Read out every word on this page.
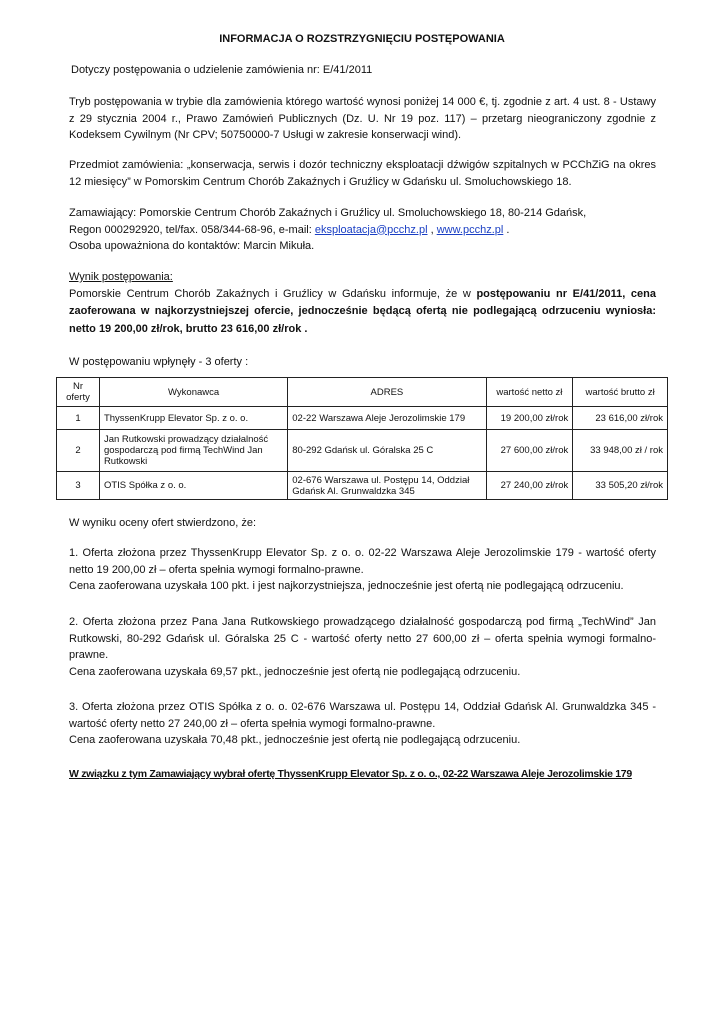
INFORMACJA O ROZSTRZYGNIĘCIU POSTĘPOWANIA
Dotyczy postępowania o udzielenie zamówienia nr: E/41/2011
Tryb postępowania w trybie dla zamówienia którego wartość wynosi poniżej 14 000 €, tj. zgodnie z art. 4 ust. 8 - Ustawy z 29 stycznia 2004 r., Prawo Zamówień Publicznych (Dz. U. Nr 19 poz. 117) – przetarg nieograniczony zgodnie z Kodeksem Cywilnym (Nr CPV; 50750000-7 Usługi w zakresie konserwacji wind).
Przedmiot zamówienia: „konserwacja, serwis i dozór techniczny eksploatacji dźwigów szpitalnych w PCChZiG na okres 12 miesięcy” w Pomorskim Centrum Chorób Zakaźnych i Gruźlicy w Gdańsku ul. Smoluchowskiego 18.
Zamawiający: Pomorskie Centrum Chorób Zakaźnych i Gruźlicy ul. Smoluchowskiego 18, 80-214 Gdańsk,
Regon 000292920, tel/fax. 058/344-68-96, e-mail: eksploatacja@pcchz.pl , www.pcchz.pl .
Osoba upoważniona do kontaktów: Marcin Mikuła.
Wynik postępowania:
Pomorskie Centrum Chorób Zakaźnych i Gruźlicy w Gdańsku informuje, że w postępowaniu nr E/41/2011, cena zaoferowana w najkorzystniejszej ofercie, jednocześnie będącą ofertą nie podlegającą odrzuceniu wyniosła: netto 19 200,00 zł/rok, brutto 23 616,00 zł/rok .
W postępowaniu wpłynęły - 3 oferty :
Nr oferty	Wykonawca	ADRES	wartość netto zł	wartość brutto zł
1	ThyssenKrupp Elevator Sp. z o. o.	02-22 Warszawa Aleje Jerozolimskie 179	19 200,00 zł/rok	23 616,00 zł/rok
2	Jan Rutkowski prowadzący działalność gospodarczą pod firmą TechWind Jan Rutkowski	80-292 Gdańsk ul. Góralska 25 C	27 600,00 zł/rok	33 948,00 zł / rok
3	OTIS Spółka z o. o.	02-676 Warszawa ul. Postępu 14, Oddział Gdańsk Al. Grunwaldzka 345	27 240,00 zł/rok	33 505,20 zł/rok
W wyniku oceny ofert stwierdzono, że:
1. Oferta złożona przez ThyssenKrupp Elevator Sp. z o. o. 02-22 Warszawa Aleje Jerozolimskie 179 - wartość oferty netto 19 200,00 zł – oferta spełnia wymogi formalno-prawne.
Cena zaoferowana uzyskała 100 pkt. i jest najkorzystniejsza, jednocześnie jest ofertą nie podlegającą odrzuceniu.
2. Oferta złożona przez Pana Jana Rutkowskiego prowadzącego działalność gospodarczą pod firmą „TechWind” Jan Rutkowski, 80-292 Gdańsk ul. Góralska 25 C - wartość oferty netto 27 600,00 zł – oferta spełnia wymogi formalno-prawne.
Cena zaoferowana uzyskała 69,57 pkt., jednocześnie jest ofertą nie podlegającą odrzuceniu.
3. Oferta złożona przez OTIS Spółka z o. o. 02-676 Warszawa ul. Postępu 14, Oddział Gdańsk Al. Grunwaldzka 345 - wartość oferty netto 27 240,00 zł – oferta spełnia wymogi formalno-prawne.
Cena zaoferowana uzyskała 70,48 pkt., jednocześnie jest ofertą nie podlegającą odrzuceniu.
W związku z tym Zamawiający wybrał ofertę ThyssenKrupp Elevator Sp. z o. o., 02-22 Warszawa Aleje Jerozolimskie 179
